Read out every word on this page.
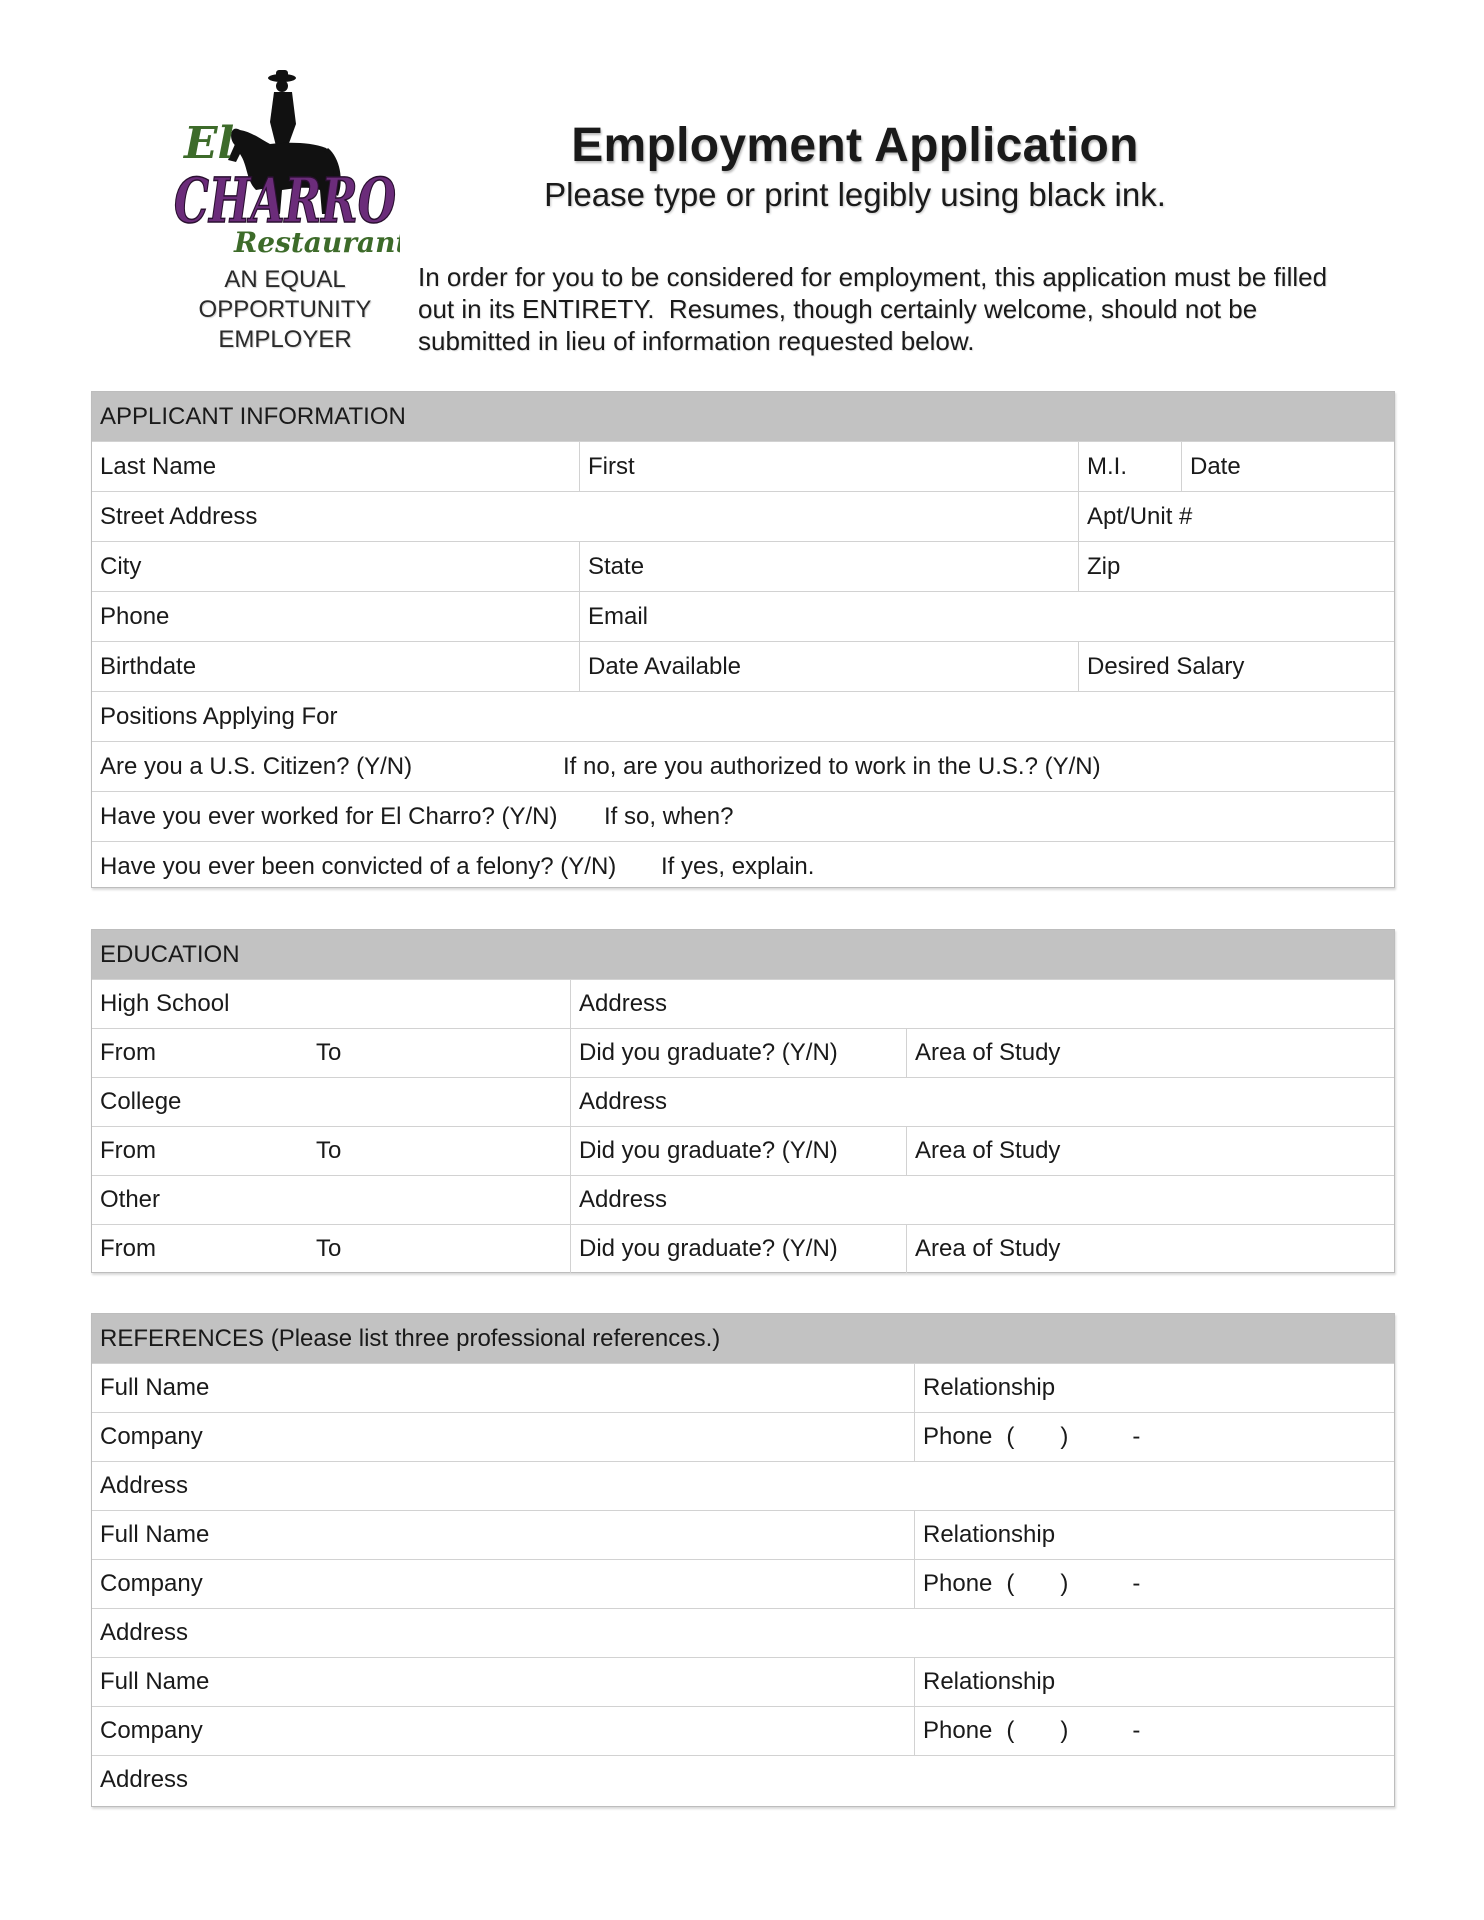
El
CHARRO
Restaurant
AN EQUAL
OPPORTUNITY
EMPLOYER
Employment Application
Please type or print legibly using black ink.
In order for you to be considered for employment, this application must be filled
out in its ENTIRETY.  Resumes, though certainly welcome, should not be
submitted in lieu of information requested below.
APPLICANT INFORMATION
Last Name	First	M.I.	Date
Street Address	Apt/Unit #
City	State	Zip
Phone	Email
Birthdate	Date Available	Desired Salary
Positions Applying For
Are you a U.S. Citizen? (Y/N)	If no, are you authorized to work in the U.S.? (Y/N)
Have you ever worked for El Charro? (Y/N)	If so, when?
Have you ever been convicted of a felony? (Y/N)	If yes, explain.
EDUCATION
High School	Address
From	To	Did you graduate? (Y/N)	Area of Study
College	Address
From	To	Did you graduate? (Y/N)	Area of Study
Other	Address
From	To	Did you graduate? (Y/N)	Area of Study
REFERENCES (Please list three professional references.)
Full Name	Relationship
Company	Phone ( )	-
Address
Full Name	Relationship
Company	Phone ( )	-
Address
Full Name	Relationship
Company	Phone ( )	-
Address
